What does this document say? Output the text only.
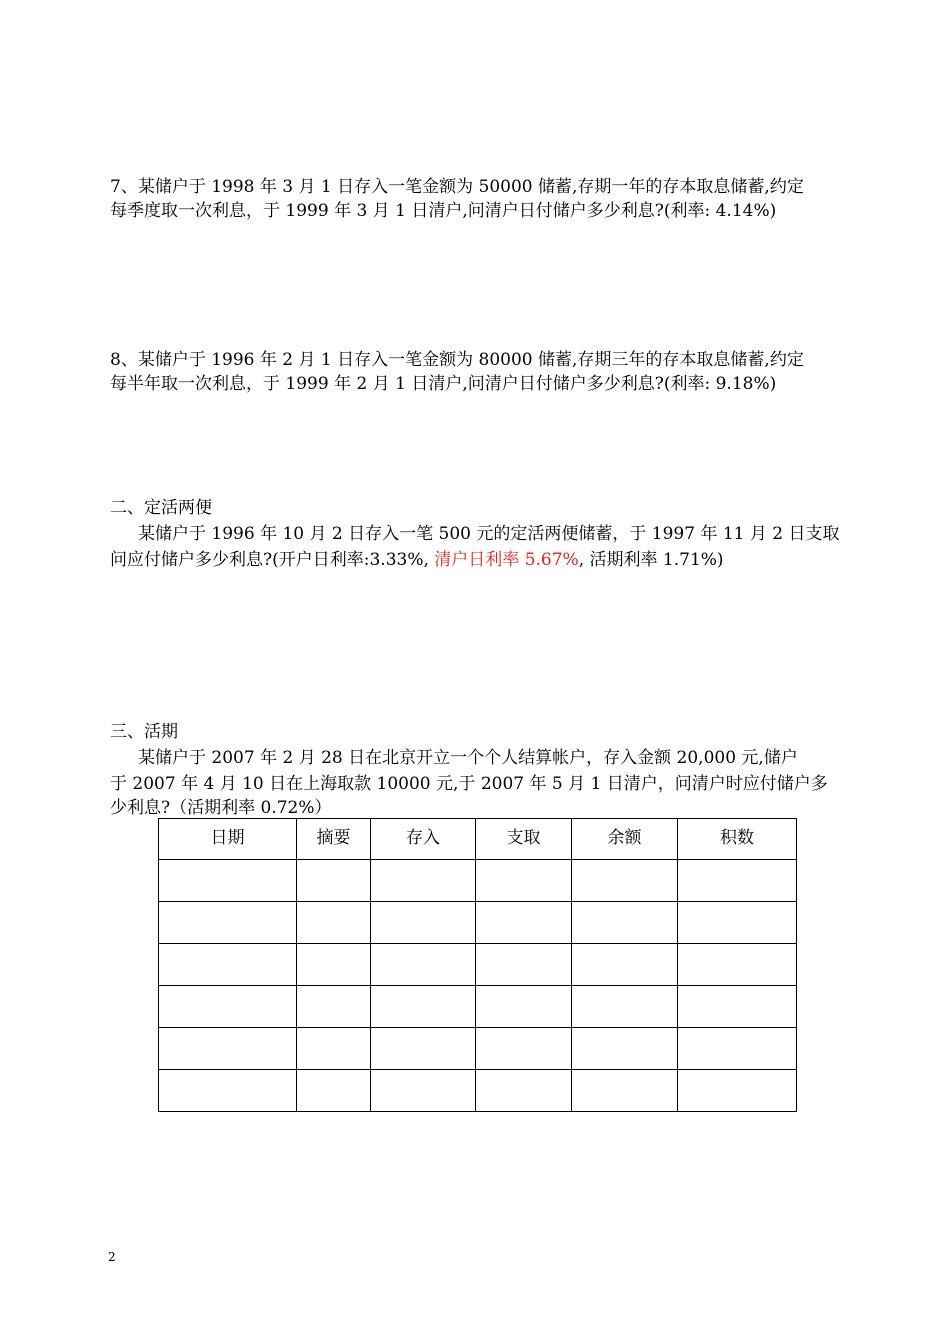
7、某储户于 1998 年 3 月 1 日存入一笔金额为 50000 储蓄,存期一年的存本取息储蓄,约定
每季度取一次利息，于 1999 年 3 月 1 日清户,问清户日付储户多少利息?(利率: 4.14%)
8、某储户于 1996 年 2 月 1 日存入一笔金额为 80000 储蓄,存期三年的存本取息储蓄,约定
每半年取一次利息，于 1999 年 2 月 1 日清户,问清户日付储户多少利息?(利率: 9.18%)
二、定活两便
某储户于 1996 年 10 月 2 日存入一笔 500 元的定活两便储蓄，于 1997 年 11 月 2 日支取
问应付储户多少利息?(开户日利率:3.33%, 清户日利率 5.67%, 活期利率 1.71%)
三、活期
某储户于 2007 年 2 月 28 日在北京开立一个个人结算帐户，存入金额 20,000 元,储户
于 2007 年 4 月 10 日在上海取款 10000 元,于 2007 年 5 月 1 日清户，问清户时应付储户多
少利息?（活期利率 0.72%）
日期	摘要	存入	支取	余额	积数

2
